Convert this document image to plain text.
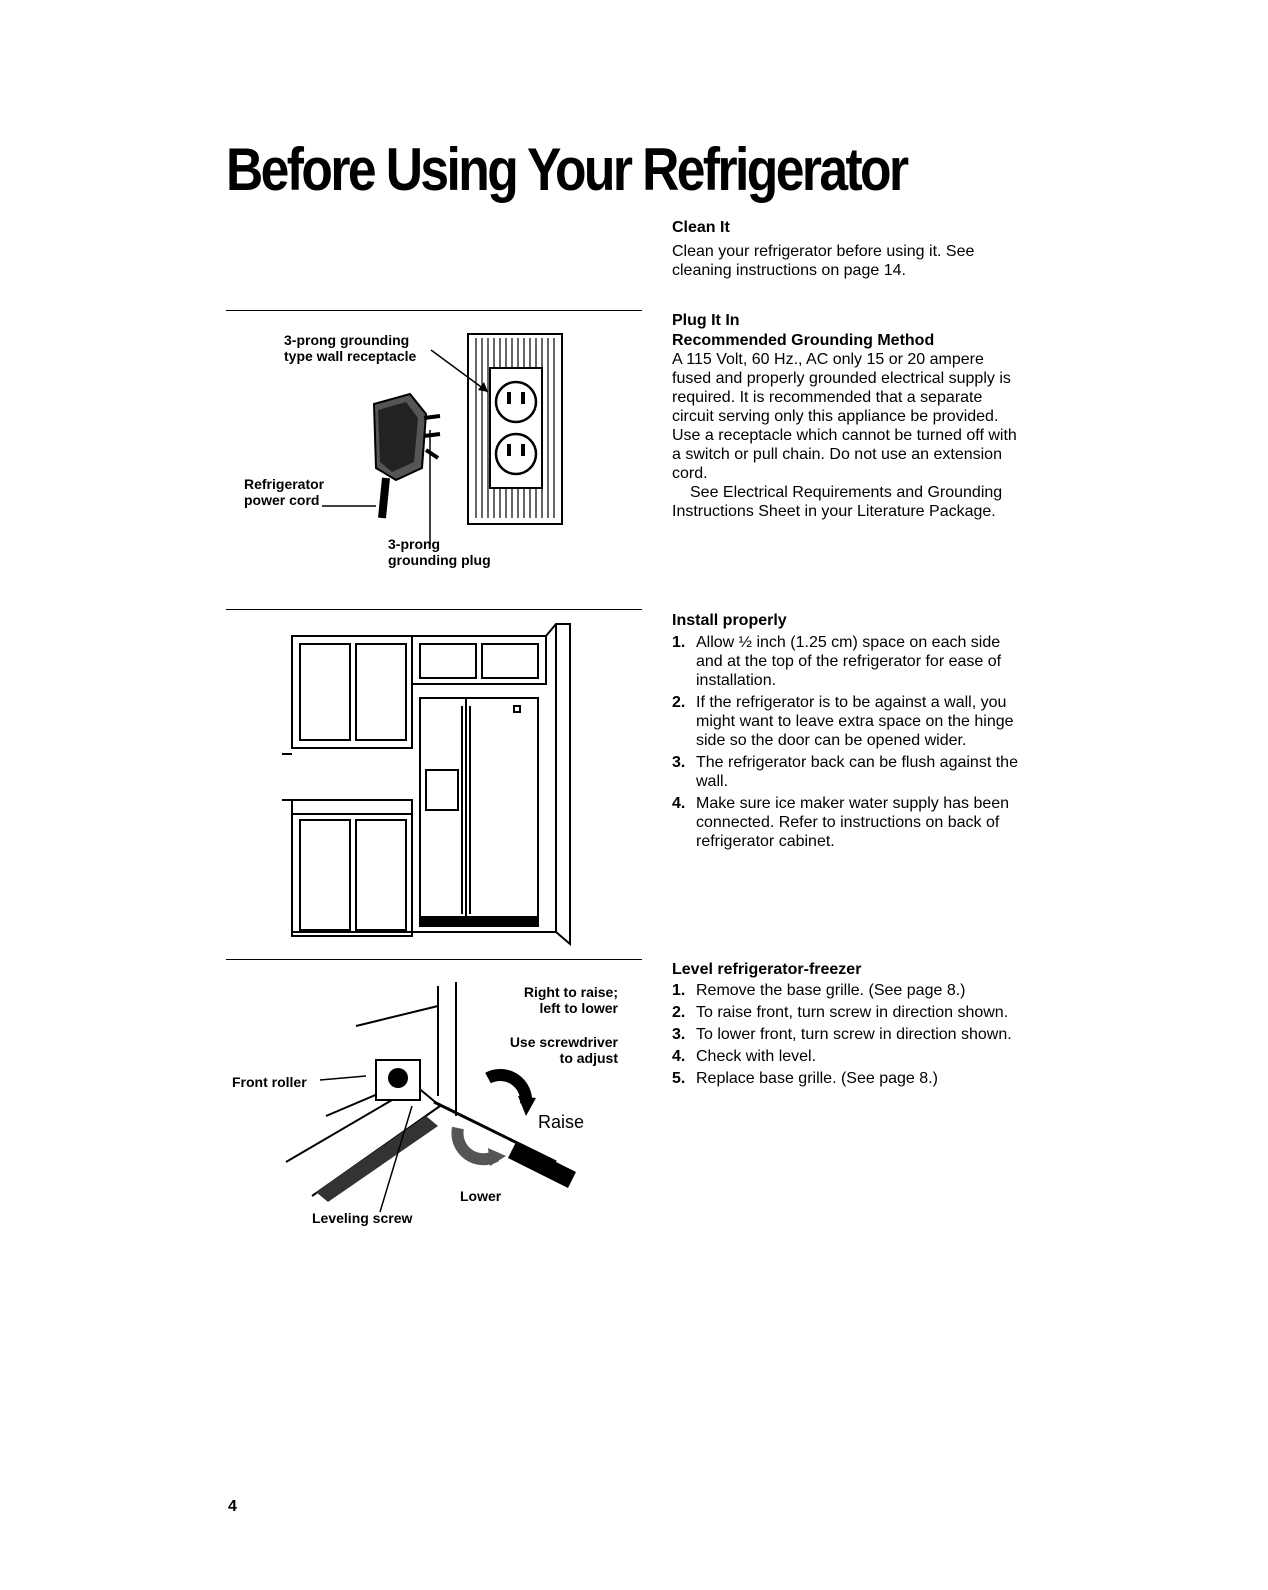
Before Using Your Refrigerator
Clean It
Clean your refrigerator before using it. See
cleaning instructions on page 14.
Plug It In
Recommended Grounding Method
A 115 Volt, 60 Hz., AC only 15 or 20 ampere
fused and properly grounded electrical supply is
required. It is recommended that a separate
circuit serving only this appliance be provided.
Use a receptacle which cannot be turned off with
a switch or pull chain. Do not use an extension
cord.
See Electrical Requirements and Grounding
Instructions Sheet in your Literature Package.
Install properly
1. Allow ½ inch (1.25 cm) space on each side
and at the top of the refrigerator for ease of
installation.
2. If the refrigerator is to be against a wall, you
might want to leave extra space on the hinge
side so the door can be opened wider.
3. The refrigerator back can be flush against the
wall.
4. Make sure ice maker water supply has been
connected. Refer to instructions on back of
refrigerator cabinet.
Level refrigerator-freezer
1. Remove the base grille. (See page 8.)
2. To raise front, turn screw in direction shown.
3. To lower front, turn screw in direction shown.
4. Check with level.
5. Replace base grille. (See page 8.)
3-prong grounding
type wall receptacle
Refrigerator
power cord
3-prong
grounding plug
Right to raise;
left to lower
Use screwdriver
to adjust
Front roller
Raise
Lower
Leveling screw
4
